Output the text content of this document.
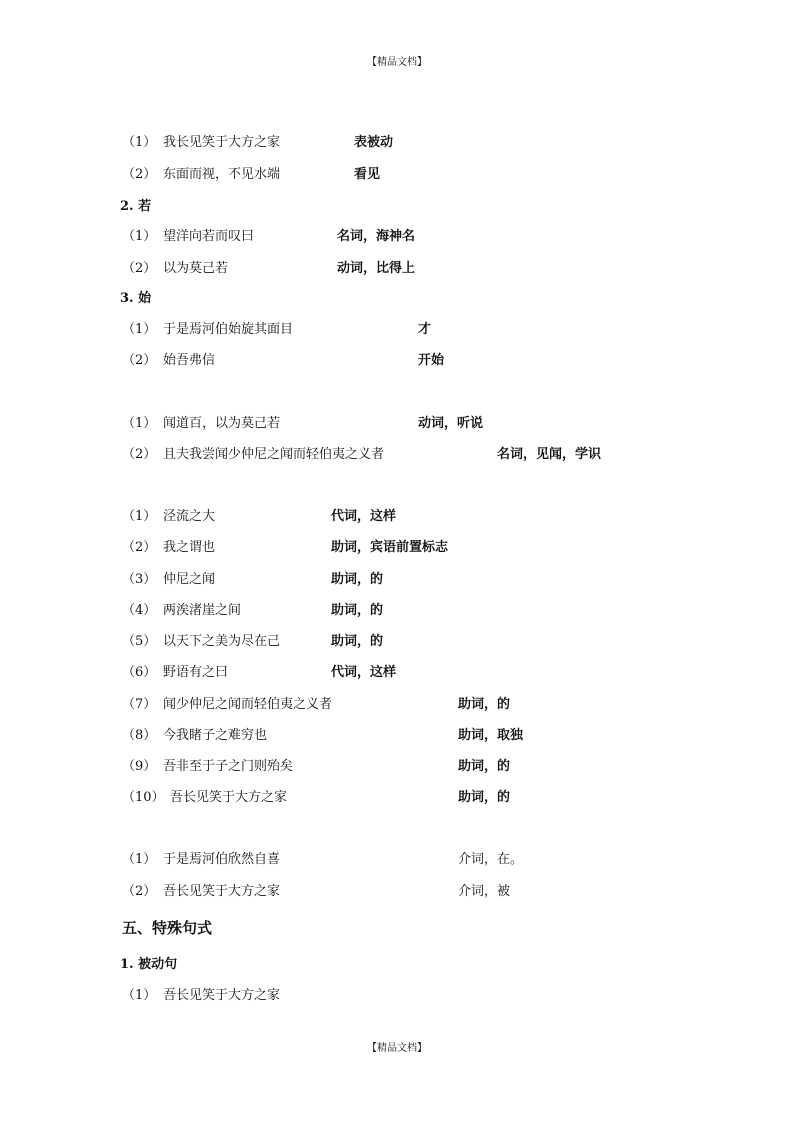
【精品文档】
（1） 我长见笑于大方之家	表被动
（2） 东面而视，不见水端	看见
2. 若
（1） 望洋向若而叹曰	名词，海神名
（2） 以为莫己若	动词，比得上
3. 始
（1） 于是焉河伯始旋其面目	才
（2） 始吾弗信	开始
（1） 闻道百，以为莫己若	动词，听说
（2） 且夫我尝闻少仲尼之闻而轻伯夷之义者	名词，见闻，学识
（1） 泾流之大	代词，这样
（2） 我之谓也	助词，宾语前置标志
（3） 仲尼之闻	助词，的
（4） 两涘渚崖之间	助词，的
（5） 以天下之美为尽在己	助词，的
（6） 野语有之曰	代词，这样
（7） 闻少仲尼之闻而轻伯夷之义者	助词，的
（8） 今我睹子之难穷也	助词，取独
（9） 吾非至于子之门则殆矣	助词，的
（10） 吾长见笑于大方之家	助词，的
（1） 于是焉河伯欣然自喜	介词，在。
（2） 吾长见笑于大方之家	介词，被
五、特殊句式
1. 被动句
（1） 吾长见笑于大方之家
【精品文档】
